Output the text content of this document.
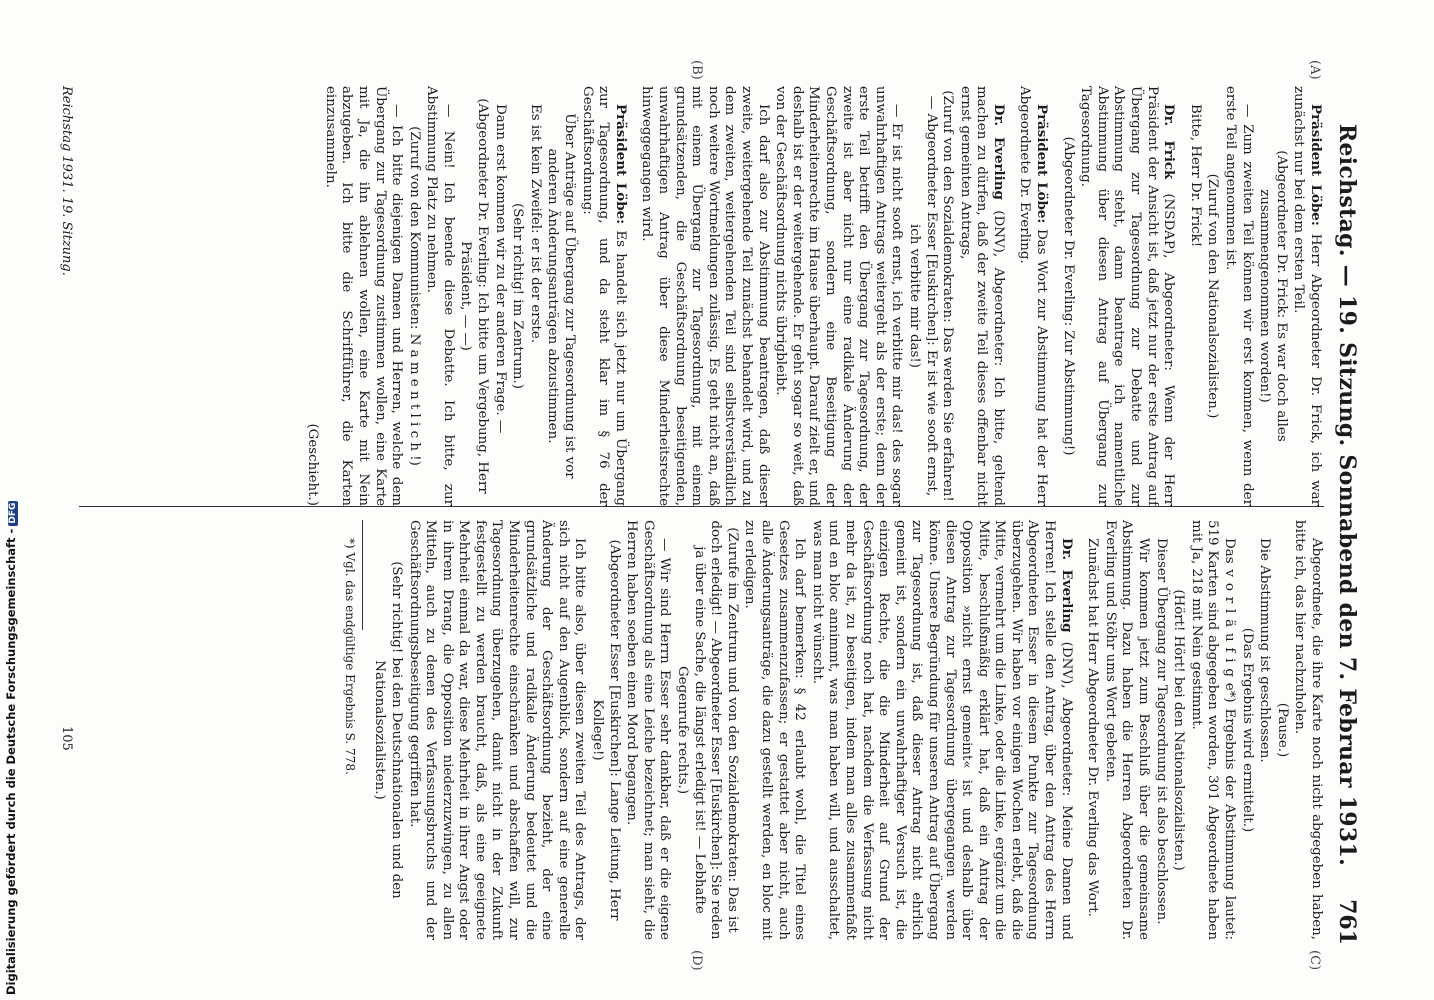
Reichstag. — 19. Sitzung. Sonnabend den 7. Februar 1931.
761
(A)
(B)
(C)
(D)

Präsident Löbe: Herr Abgeordneter Dr. Frick, ich war zunächst nur bei dem ersten Teil.

(Abgeordneter Dr. Frick: Es war doch alles zusammengenommen worden!)

— Zum zweiten Teil können wir erst kommen, wenn der erste Teil angenommen ist.

(Zuruf von den Nationalsozialisten.)

Bitte, Herr Dr. Frick!

Dr. Frick (NSDAP), Abgeordneter: Wenn der Herr Präsident der Ansicht ist, daß jetzt nur der erste Antrag auf Übergang zur Tagesordnung zur Debatte und zur Abstimmung steht, dann beantrage ich namentliche Abstimmung über diesen Antrag auf Übergang zur Tagesordnung.

(Abgeordneter Dr. Everling: Zur Abstimmung!)

Präsident Löbe: Das Wort zur Abstimmung hat der Herr Abgeordnete Dr. Everling.

Dr. Everling (DNV), Abgeordneter: Ich bitte, geltend machen zu dürfen, daß der zweite Teil dieses offenbar nicht ernst gemeinten Antrags,

(Zuruf von den Sozialdemokraten: Das werden Sie erfahren! — Abgeordneter Esser [Euskirchen]: Er ist wie sooft ernst, ich verbitte mir das!)

— Er ist nicht sooft ernst, ich verbitte mir das! des sogar unwahrhaftigen Antrags weitergeht als der erste; denn der erste Teil betrifft den Übergang zur Tagesordnung, der zweite ist aber nicht nur eine radikale Änderung der Geschäftsordnung, sondern eine Beseitigung der Minderheitenrechte im Hause überhaupt. Darauf zielt er, und deshalb ist er der weitergehende. Er geht sogar so weit, daß von der Geschäftsordnung nichts übrigbleibt.

Ich darf also zur Abstimmung beantragen, daß dieser zweite, weitergehende Teil zunächst behandelt wird, und zu dem zweiten, weitergehenden Teil sind selbstverständlich noch weitere Wortmeldungen zulässig. Es geht nicht an, daß mit einem Übergang zur Tagesordnung, mit einem grundsätzenden, die Geschäftsordnung beseitigenden, unwahrhaftigen Antrag über diese Minderheitsrechte hinweggegangen wird.

Präsident Löbe: Es handelt sich jetzt nur um Übergang zur Tagesordnung, und da steht klar im § 76 der Geschäftsordnung:

Über Anträge auf Übergang zur Tagesordnung ist vor anderen Änderungsanträgen abzustimmen.

Es ist kein Zweifel: er ist der erste.

(Sehr richtig! im Zentrum.)

Dann erst kommen wir zu der anderen Frage. —

(Abgeordneter Dr. Everling: Ich bitte um Vergebung, Herr Präsident, — —)

— Nein! Ich beende diese Debatte. Ich bitte, zur Abstimmung Platz zu nehmen.

(Zuruf von den Kommunisten: N a m e n t l i c h !)

— Ich bitte diejenigen Damen und Herren, welche dem Übergang zur Tagesordnung zustimmen wollen, eine Karte mit Ja, die ihn ablehnen wollen, eine Karte mit Nein abzugeben. Ich bitte die Schriftführer, die Karten einzusammeln.

(Geschieht.)

Abgeordnete, die ihre Karte noch nicht abgegeben haben, bitte ich, das hier nachzuholen.

(Pause.)

Die Abstimmung ist geschlossen.

(Das Ergebnis wird ermittelt.)

Das v o r l ä u f i g e*) Ergebnis der Abstimmung lautet: 519 Karten sind abgegeben worden, 301 Abgeordnete haben mit Ja, 218 mit Nein gestimmt.

(Hört! Hört! bei den Nationalsozialisten.)

Dieser Übergang zur Tagesordnung ist also beschlossen.

Wir kommen jetzt zum Beschluß über die gemeinsame Abstimmung. Dazu haben die Herren Abgeordneten Dr. Everling und Stöhr ums Wort gebeten.

Zunächst hat Herr Abgeordneter Dr. Everling das Wort.

Dr. Everling (DNV), Abgeordneter: Meine Damen und Herren! Ich stelle den Antrag, über den Antrag des Herrn Abgeordneten Esser in diesem Punkte zur Tagesordnung überzugehen. Wir haben vor einigen Wochen erlebt, daß die Mitte, vermehrt um die Linke, oder die Linke, ergänzt um die Mitte, beschlußmäßig erklärt hat, daß ein Antrag der Opposition »nicht ernst gemeint« ist und deshalb über diesen Antrag zur Tagesordnung übergegangen werden könne. Unsere Begründung für unseren Antrag auf Übergang zur Tagesordnung ist, daß dieser Antrag nicht ehrlich gemeint ist, sondern ein unwahrhaftiger Versuch ist, die einzigen Rechte, die die Minderheit auf Grund der Geschäftsordnung noch hat, nachdem die Verfassung nicht mehr da ist, zu beseitigen, indem man alles zusammenfaßt und en bloc annimmt, was man haben will, und ausschaltet, was man nicht wünscht.

Ich darf bemerken: § 42 erlaubt wohl, die Titel eines Gesetzes zusammenzufassen; er gestattet aber nicht, auch alle Änderungsanträge, die dazu gestellt werden, en bloc mit zu erledigen.

(Zurufe im Zentrum und von den Sozialdemokraten: Das ist doch erledigt! — Abgeordneter Esser [Euskirchen]: Sie reden ja über eine Sache, die längst erledigt ist! — Lebhafte Gegenrufe rechts.)

— Wir sind Herrn Esser sehr dankbar, daß er die eigene Geschäftsordnung als eine Leiche bezeichnet; man sieht, die Herren haben soeben einen Mord begangen.

(Abgeordneter Esser [Euskirchen]: Lange Leitung, Herr Kollege!)

Ich bitte also, über diesen zweiten Teil des Antrags, der sich nicht auf den Augenblick, sondern auf eine generelle Änderung der Geschäftsordnung bezieht, der eine grundsätzliche und radikale Änderung bedeutet und die Minderheitenrechte einschränken und abschaffen will, zur Tagesordnung überzugehen, damit nicht in der Zukunft festgestellt zu werden braucht, daß, als eine geeignete Mehrheit einmal da war, diese Mehrheit in ihrer Angst oder in ihrem Drang, die Opposition niederzuzwingen, zu allen Mitteln, auch zu denen des Verfassungsbruchs und der Geschäftsordnungsbeseitigung gegriffen hat.

(Sehr richtig! bei den Deutschnationalen und den Nationalsozialisten.)

*) Vgl. das endgültige Ergebnis S. 778.

Reichstag 1931. 19. Sitzung.
105
Digitalisierung gefördert durch die Deutsche Forschungsgemeinschaft -DFG
